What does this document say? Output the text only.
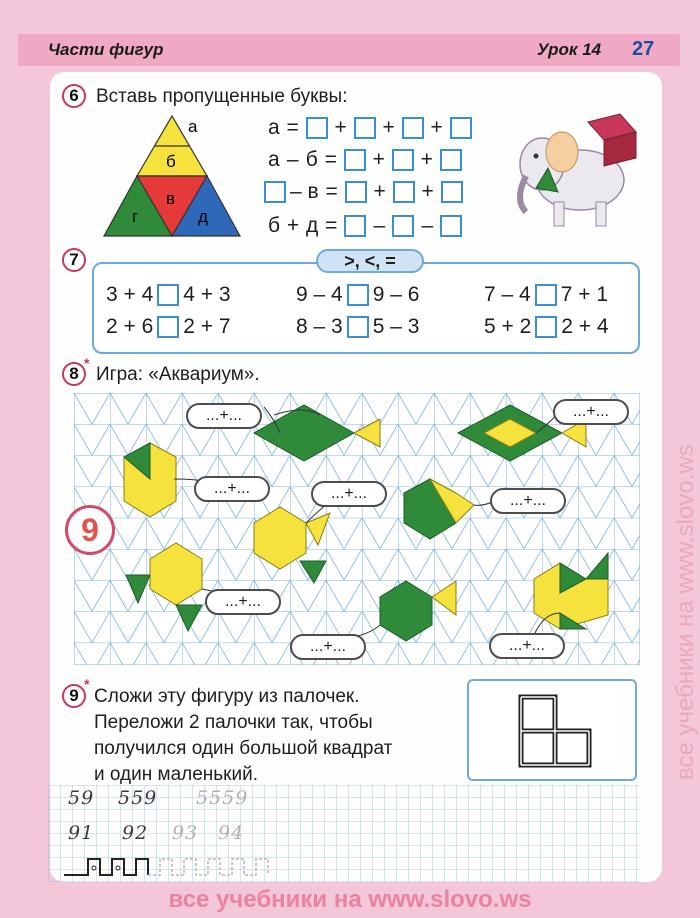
Части фигур	Урок 14 27
6 Вставь пропущенные буквы:
а
б
в
г	д
а = + + +
а – б = + +
– в = + +
б + д = – –
7	>, <, =
3 + 4 4 + 3	9 – 4 9 – 6	7 – 4 7 + 1
2 + 6 2 + 7	8 – 3 5 – 3	5 + 2 2 + 4
8
*
Игра: «Аквариум».
...+...	...+...
...+...	...+...	...+...
...+...
...+...	...+...
9
9
*
Сложи эту фигуру из палочек.
Переложи 2 палочки так, чтобы
получился один большой квадрат
и один маленький.
59 559 5559
91 92 93 94
все учебники на www.slovo.ws
все учебники на www.slovo.ws
